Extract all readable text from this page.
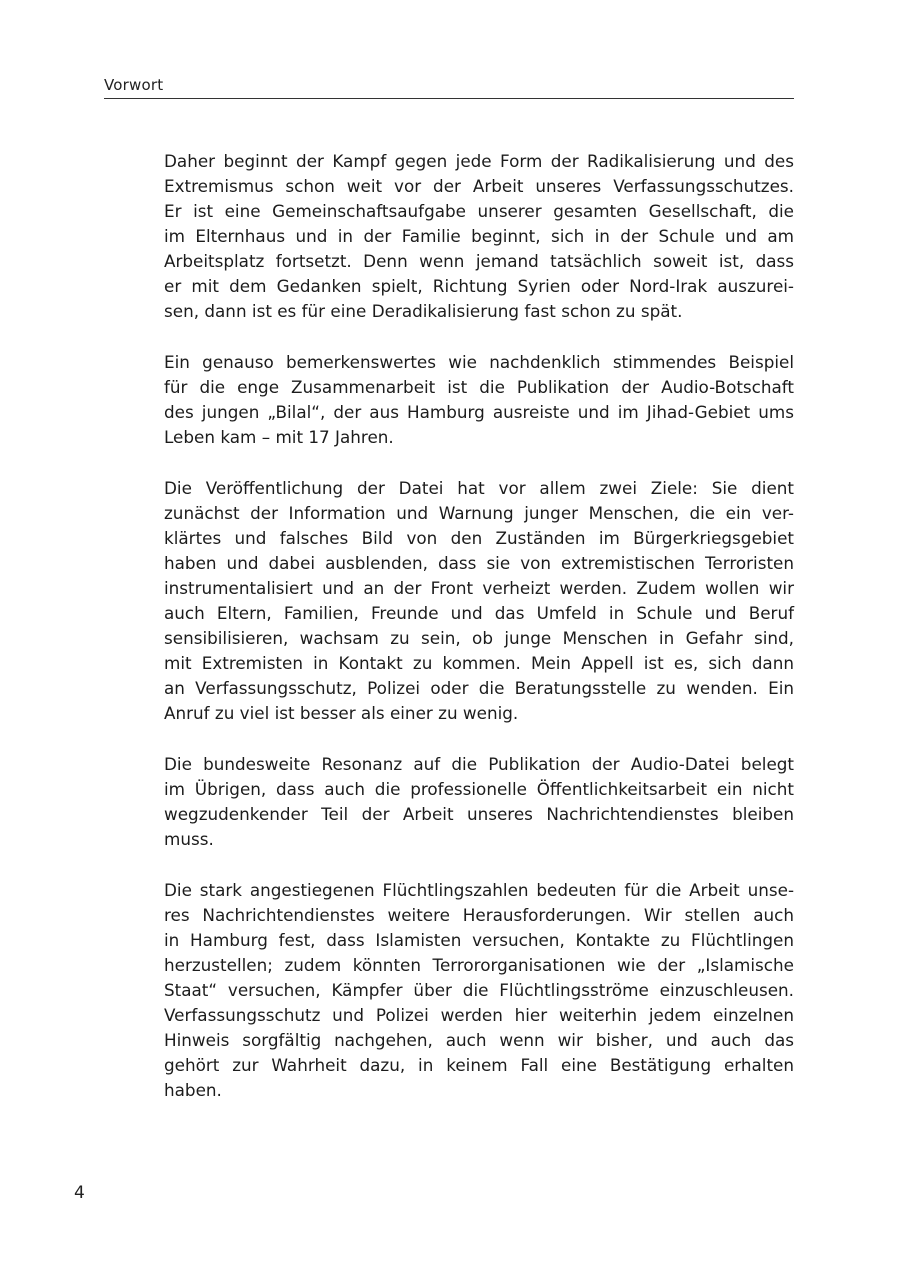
Vorwort

Daher beginnt der Kampf gegen jede Form der Radikalisierung und des
Extremismus schon weit vor der Arbeit unseres Verfassungsschutzes.
Er ist eine Gemeinschaftsaufgabe unserer gesamten Gesellschaft, die
im Elternhaus und in der Familie beginnt, sich in der Schule und am
Arbeitsplatz fortsetzt. Denn wenn jemand tatsächlich soweit ist, dass
er mit dem Gedanken spielt, Richtung Syrien oder Nord-Irak auszurei-
sen, dann ist es für eine Deradikalisierung fast schon zu spät.

Ein genauso bemerkenswertes wie nachdenklich stimmendes Beispiel
für die enge Zusammenarbeit ist die Publikation der Audio-Botschaft
des jungen „Bilal“, der aus Hamburg ausreiste und im Jihad-Gebiet ums
Leben kam – mit 17 Jahren.

Die Veröffentlichung der Datei hat vor allem zwei Ziele: Sie dient
zunächst der Information und Warnung junger Menschen, die ein ver-
klärtes und falsches Bild von den Zuständen im Bürgerkriegsgebiet
haben und dabei ausblenden, dass sie von extremistischen Terroristen
instrumentalisiert und an der Front verheizt werden. Zudem wollen wir
auch Eltern, Familien, Freunde und das Umfeld in Schule und Beruf
sensibilisieren, wachsam zu sein, ob junge Menschen in Gefahr sind,
mit Extremisten in Kontakt zu kommen. Mein Appell ist es, sich dann
an Verfassungsschutz, Polizei oder die Beratungsstelle zu wenden. Ein
Anruf zu viel ist besser als einer zu wenig.

Die bundesweite Resonanz auf die Publikation der Audio-Datei belegt
im Übrigen, dass auch die professionelle Öffentlichkeitsarbeit ein nicht
wegzudenkender Teil der Arbeit unseres Nachrichtendienstes bleiben
muss.

Die stark angestiegenen Flüchtlingszahlen bedeuten für die Arbeit unse-
res Nachrichtendienstes weitere Herausforderungen. Wir stellen auch
in Hamburg fest, dass Islamisten versuchen, Kontakte zu Flüchtlingen
herzustellen; zudem könnten Terrororganisationen wie der „Islamische
Staat“ versuchen, Kämpfer über die Flüchtlingsströme einzuschleusen.
Verfassungsschutz und Polizei werden hier weiterhin jedem einzelnen
Hinweis sorgfältig nachgehen, auch wenn wir bisher, und auch das
gehört zur Wahrheit dazu, in keinem Fall eine Bestätigung erhalten
haben.

4
